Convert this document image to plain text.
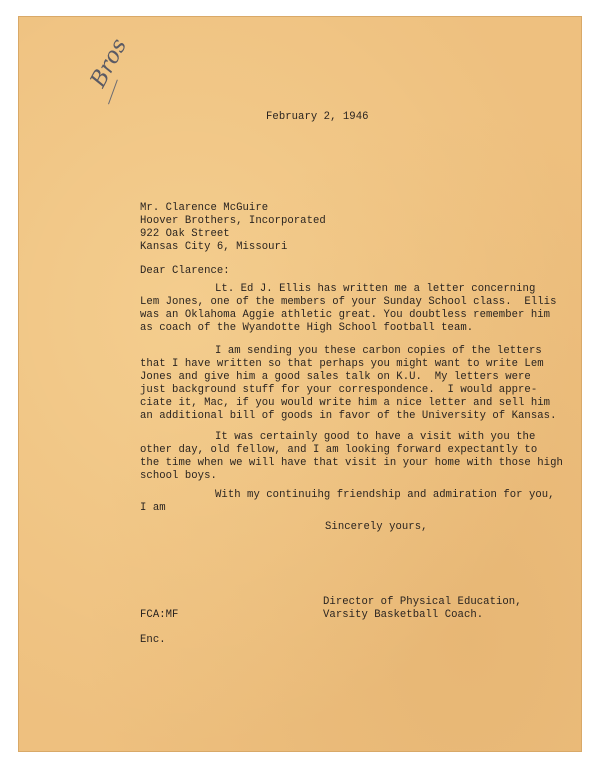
Bros
February 2, 1946
Mr. Clarence McGuire
Hoover Brothers, Incorporated
922 Oak Street
Kansas City 6, Missouri
Dear Clarence:
Lt. Ed J. Ellis has written me a letter concerning
Lem Jones, one of the members of your Sunday School class.  Ellis
was an Oklahoma Aggie athletic great. You doubtless remember him
as coach of the Wyandotte High School football team.
I am sending you these carbon copies of the letters
that I have written so that perhaps you might want to write Lem
Jones and give him a good sales talk on K.U.  My letters were
just background stuff for your correspondence.  I would appre-
ciate it, Mac, if you would write him a nice letter and sell him
an additional bill of goods in favor of the University of Kansas.
It was certainly good to have a visit with you the
other day, old fellow, and I am looking forward expectantly to
the time when we will have that visit in your home with those high
school boys.
With my continuihg friendship and admiration for you,
I am
Sincerely yours,
Director of Physical Education,
Varsity Basketball Coach.
FCA:MF
Enc.
